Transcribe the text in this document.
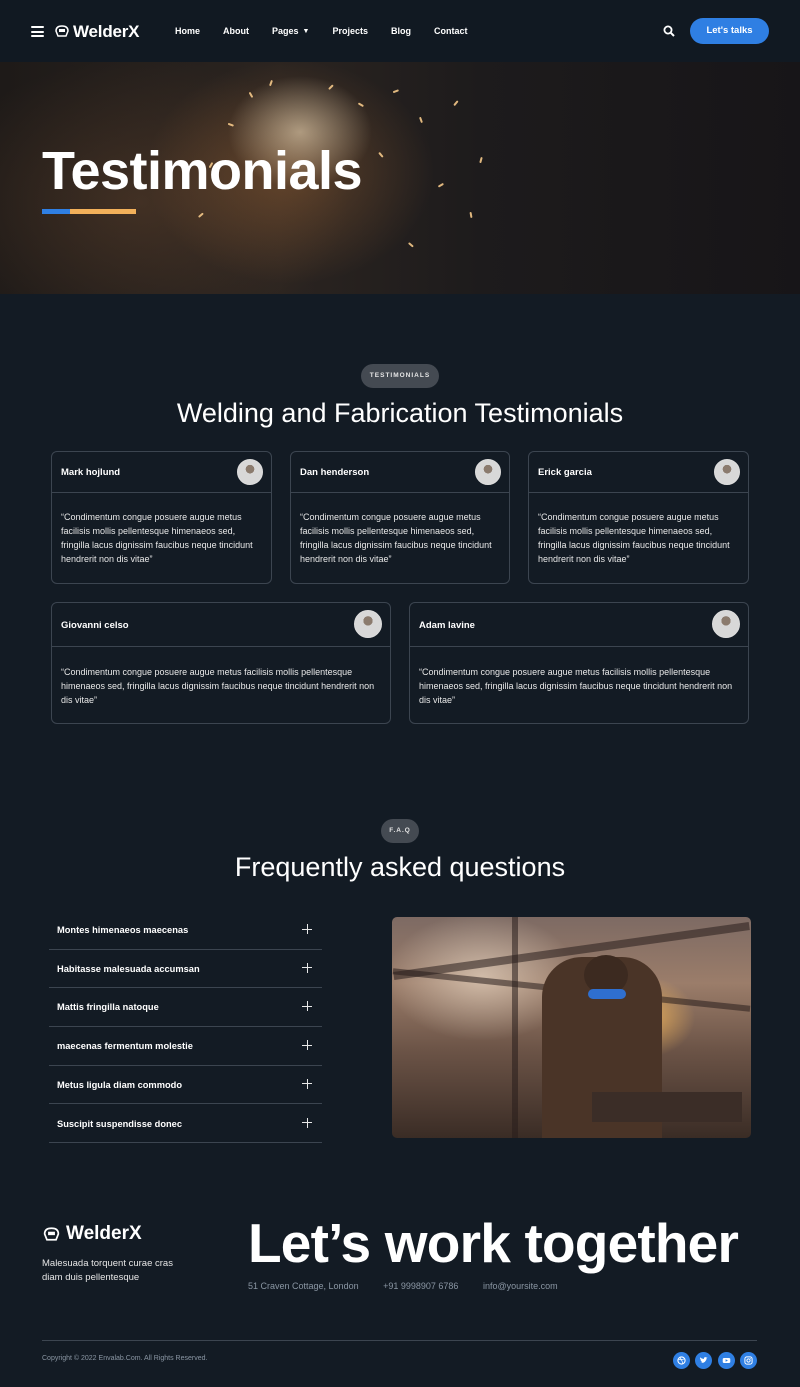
WelderX	Home	About	Pages ▼	Projects	Blog	Contact	Let's talks
Testimonials
TESTIMONIALS
Welding and Fabrication Testimonials
Mark hojlund
“Condimentum congue posuere augue metus facilisis mollis pellentesque himenaeos sed, fringilla lacus dignissim faucibus neque tincidunt hendrerit non dis vitae”
Dan henderson
“Condimentum congue posuere augue metus facilisis mollis pellentesque himenaeos sed, fringilla lacus dignissim faucibus neque tincidunt hendrerit non dis vitae”
Erick garcia
“Condimentum congue posuere augue metus facilisis mollis pellentesque himenaeos sed, fringilla lacus dignissim faucibus neque tincidunt hendrerit non dis vitae”
Giovanni celso
“Condimentum congue posuere augue metus facilisis mollis pellentesque himenaeos sed, fringilla lacus dignissim faucibus neque tincidunt hendrerit non dis vitae”
Adam lavine
“Condimentum congue posuere augue metus facilisis mollis pellentesque himenaeos sed, fringilla lacus dignissim faucibus neque tincidunt hendrerit non dis vitae”
F.A.Q
Frequently asked questions
Montes himenaeos maecenas
Habitasse malesuada accumsan
Mattis fringilla natoque
maecenas fermentum molestie
Metus ligula diam commodo
Suscipit suspendisse donec
WelderX
Malesuada torquent curae cras diam duis pellentesque
Let’s work together
51 Craven Cottage, London	+91 9998907 6786	info@yoursite.com
Copyright © 2022 Envalab.Com. All Rights Reserved.
